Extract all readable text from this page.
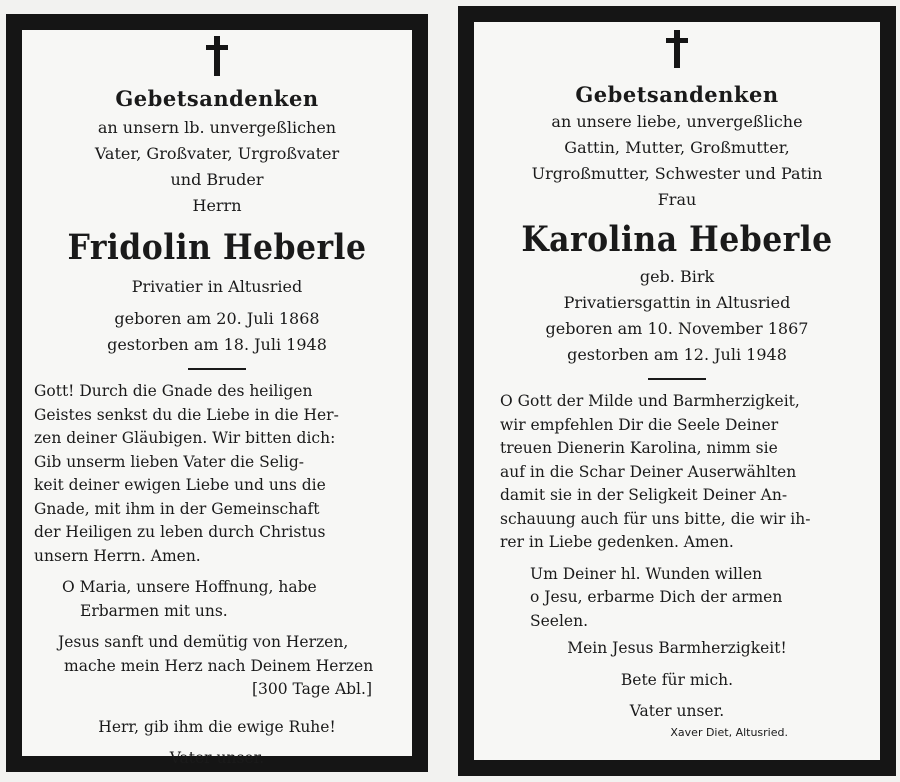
Gebetsandenken
an unsern lb. unvergeßlichen
Vater, Großvater, Urgroßvater
und Bruder
Herrn
Fridolin Heberle
Privatier in Altusried
geboren am 20. Juli 1868
gestorben am 18. Juli 1948
Gott! Durch die Gnade des heiligen
Geistes senkst du die Liebe in die Her-
zen deiner Gläubigen. Wir bitten dich:
Gib unserm lieben Vater die Selig-
keit deiner ewigen Liebe und uns die
Gnade, mit ihm in der Gemeinschaft
der Heiligen zu leben durch Christus
unsern Herrn. Amen.
O Maria, unsere Hoffnung, habe
Erbarmen mit uns.
Jesus sanft und demütig von Herzen,
mache mein Herz nach Deinem Herzen
[300 Tage Abl.]
Herr, gib ihm die ewige Ruhe!
Vater unser.
Gebetsandenken
an unsere liebe, unvergeßliche
Gattin, Mutter, Großmutter,
Urgroßmutter, Schwester und Patin
Frau
Karolina Heberle
geb. Birk
Privatiersgattin in Altusried
geboren am 10. November 1867
gestorben am 12. Juli 1948
O Gott der Milde und Barmherzigkeit,
wir empfehlen Dir die Seele Deiner
treuen Dienerin Karolina, nimm sie
auf in die Schar Deiner Auserwählten
damit sie in der Seligkeit Deiner An-
schauung auch für uns bitte, die wir ih-
rer in Liebe gedenken. Amen.
Um Deiner hl. Wunden willen
o Jesu, erbarme Dich der armen
Seelen.
Mein Jesus Barmherzigkeit!
Bete für mich.
Vater unser.
Xaver Diet, Altusried.
